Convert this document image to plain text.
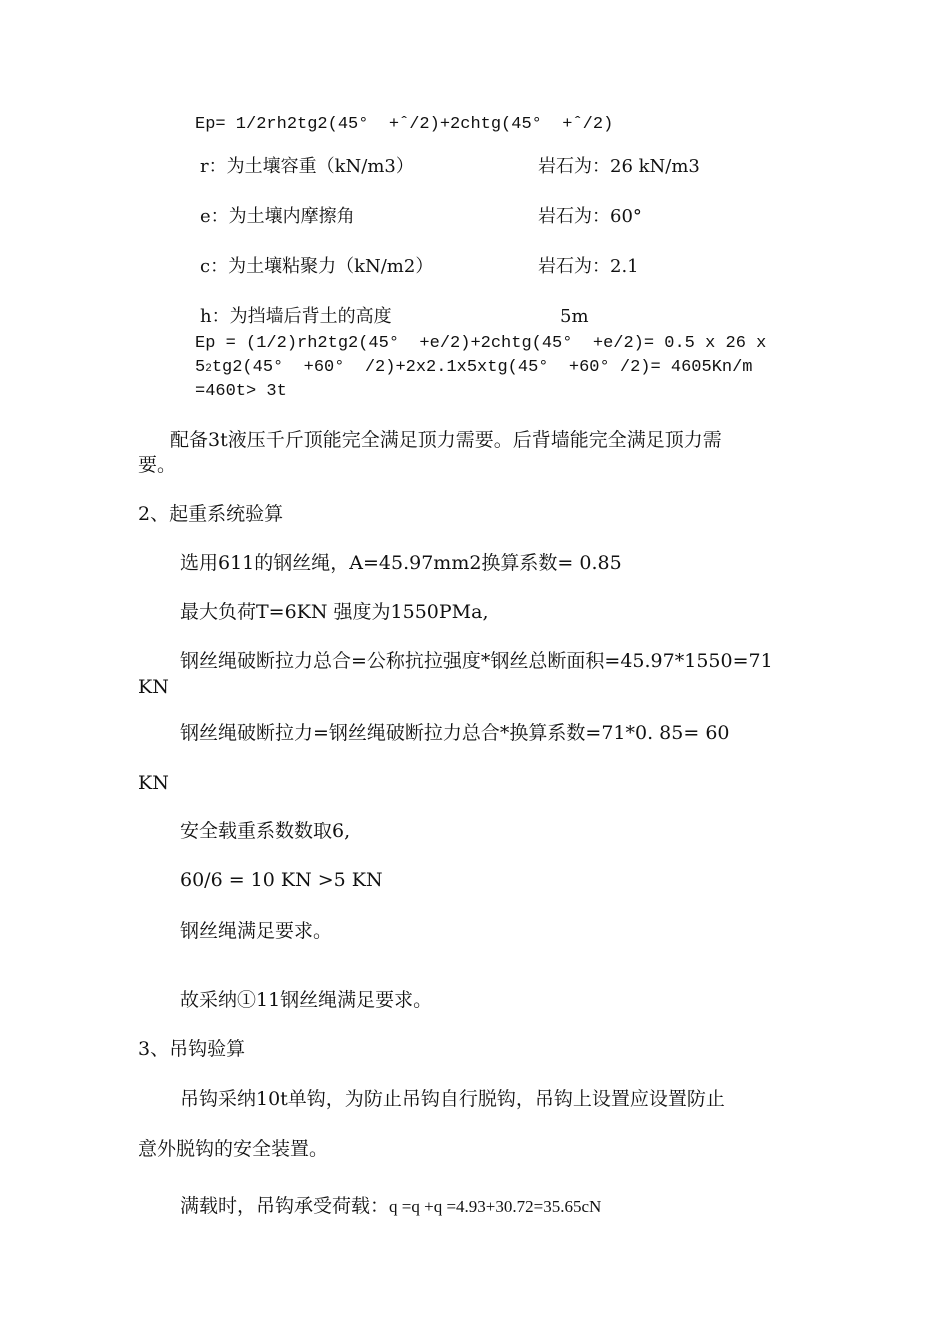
Ep= 1/2rh2tg2(45°  +ˆ/2)+2chtg(45°  +ˆ/2)
r：为土壤容重（kN/m3）	岩石为：26 kN/m3
e：为土壤内摩擦角	岩石为：60°
c：为土壤粘聚力（kN/m2）	岩石为：2.1
h：为挡墙后背土的高度	5m
Ep = (1/2)rh2tg2(45°  +e/2)+2chtg(45°  +e/2)= 0.5 x 26 x
52tg2(45°  +60°  /2)+2x2.1x5xtg(45°  +60° /2)= 4605Kn/m
=460t> 3t
配备3t液压千斤顶能完全满足顶力需要。后背墙能完全满足顶力需
要。
2、起重系统验算
选用611的钢丝绳，A=45.97mm2换算系数= 0.85
最大负荷T=6KN 强度为1550PMa,
钢丝绳破断拉力总合=公称抗拉强度*钢丝总断面积=45.97*1550=71
KN
钢丝绳破断拉力=钢丝绳破断拉力总合*换算系数=71*0. 85= 60
KN
安全载重系数数取6,
60/6 = 10 KN >5 KN
钢丝绳满足要求。
故采纳①11钢丝绳满足要求。
3、吊钩验算
吊钩采纳10t单钩，为防止吊钩自行脱钩，吊钩上设置应设置防止
意外脱钩的安全装置。
满载时，吊钩承受荷载：q =q +q =4.93+30.72=35.65cN
